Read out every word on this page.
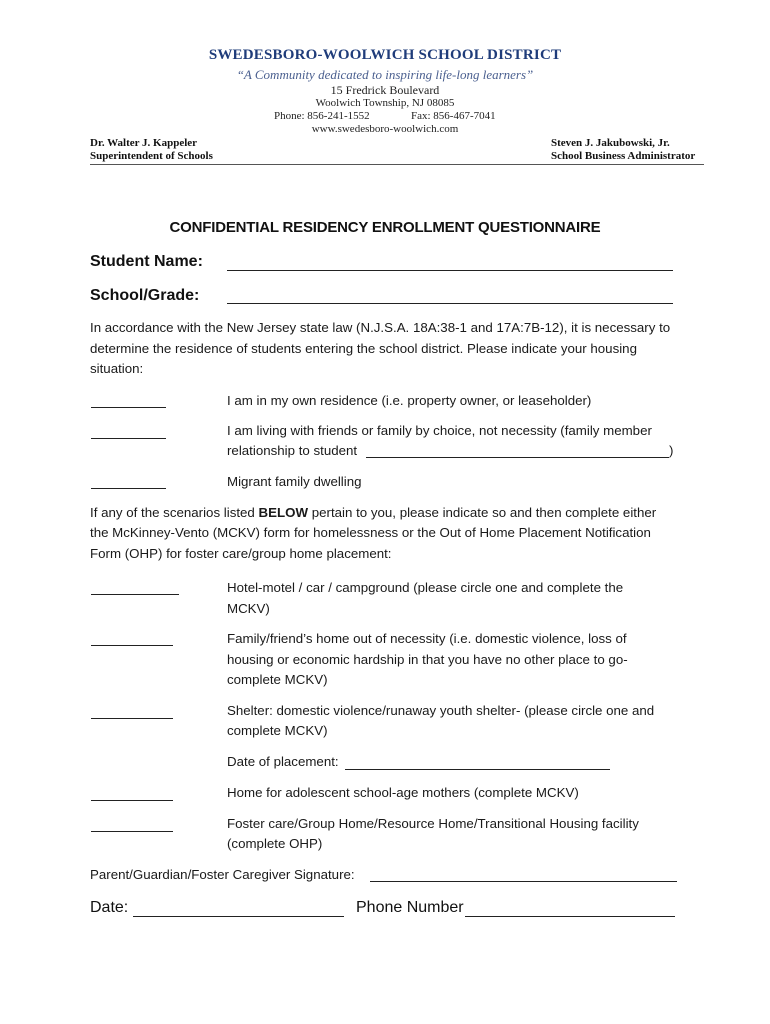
SWEDESBORO-WOOLWICH SCHOOL DISTRICT
“A Community dedicated to inspiring life-long learners”
15 Fredrick Boulevard
Woolwich Township, NJ 08085
Phone: 856-241-1552	Fax: 856-467-7041
www.swedesboro-woolwich.com
Dr. Walter J. Kappeler
Superintendent of Schools
Steven J. Jakubowski, Jr.
School Business Administrator
CONFIDENTIAL RESIDENCY ENROLLMENT QUESTIONNAIRE
Student Name:
School/Grade:
In accordance with the New Jersey state law (N.J.S.A. 18A:38-1 and 17A:7B-12), it is necessary to
determine the residence of students entering the school district. Please indicate your housing
situation:
I am in my own residence (i.e. property owner, or leaseholder)
I am living with friends or family by choice, not necessity (family member
relationship to student	)
Migrant family dwelling
If any of the scenarios listed BELOW pertain to you, please indicate so and then complete either
the McKinney-Vento (MCKV) form for homelessness or the Out of Home Placement Notification
Form (OHP) for foster care/group home placement:
Hotel-motel / car / campground (please circle one and complete the
MCKV)
Family/friend’s home out of necessity (i.e. domestic violence, loss of
housing or economic hardship in that you have no other place to go-
complete MCKV)
Shelter: domestic violence/runaway youth shelter- (please circle one and
complete MCKV)
Date of placement:
Home for adolescent school-age mothers (complete MCKV)
Foster care/Group Home/Resource Home/Transitional Housing facility
(complete OHP)
Parent/Guardian/Foster Caregiver Signature:
Date:	Phone Number
